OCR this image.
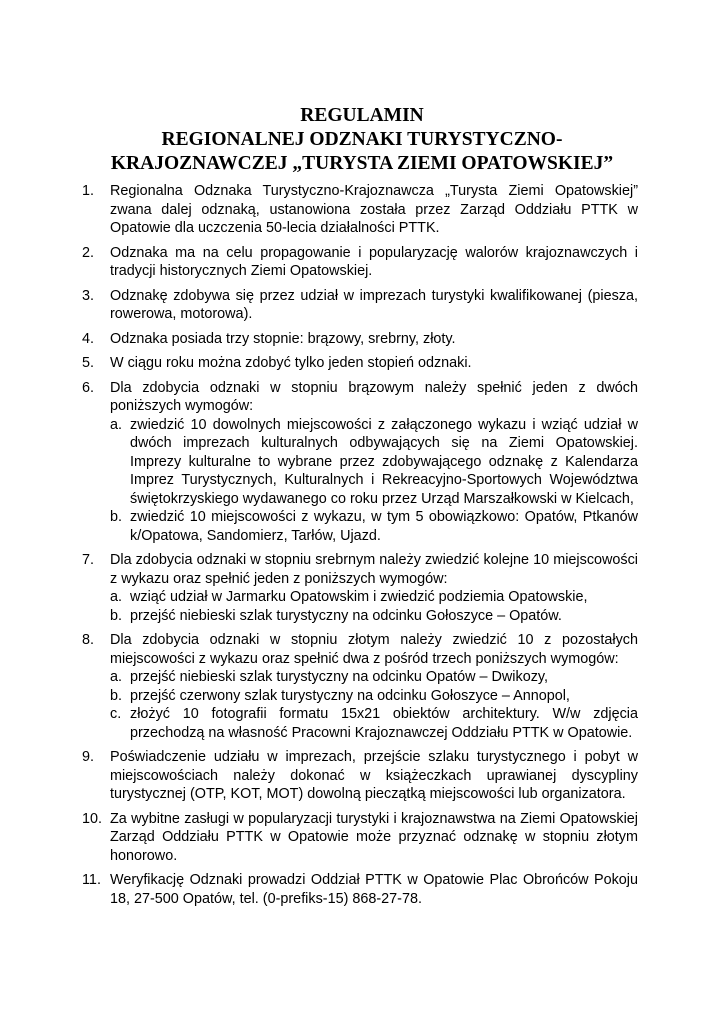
REGULAMIN
REGIONALNEJ ODZNAKI TURYSTYCZNO-
KRAJOZNAWCZEJ „TURYSTA ZIEMI OPATOWSKIEJ”
1.	Regionalna Odznaka Turystyczno-Krajoznawcza „Turysta Ziemi Opatowskiej” zwana dalej odznaką, ustanowiona została przez Zarząd Oddziału PTTK w Opatowie dla uczczenia 50-lecia działalności PTTK.
2.	Odznaka ma na celu propagowanie i popularyzację walorów krajoznawczych i tradycji historycznych Ziemi Opatowskiej.
3.	Odznakę zdobywa się przez udział w imprezach turystyki kwalifikowanej (piesza, rowerowa, motorowa).
4.	Odznaka posiada trzy stopnie: brązowy, srebrny, złoty.
5.	W ciągu roku można zdobyć tylko jeden stopień odznaki.
6.	Dla zdobycia odznaki w stopniu brązowym należy spełnić jeden z dwóch poniższych wymogów:
a. zwiedzić 10 dowolnych miejscowości z załączonego wykazu i wziąć udział w dwóch imprezach kulturalnych odbywających się na Ziemi Opatowskiej. Imprezy kulturalne to wybrane przez zdobywającego odznakę z Kalendarza Imprez Turystycznych, Kulturalnych i Rekreacyjno-Sportowych Województwa świętokrzyskiego wydawanego co roku przez Urząd Marszałkowski w Kielcach,
b. zwiedzić 10 miejscowości z wykazu, w tym 5 obowiązkowo: Opatów, Ptkanów k/Opatowa, Sandomierz, Tarłów, Ujazd.
7.	Dla zdobycia odznaki w stopniu srebrnym należy zwiedzić kolejne 10 miejscowości z wykazu oraz spełnić jeden z poniższych wymogów:
a. wziąć udział w Jarmarku Opatowskim i zwiedzić podziemia Opatowskie,
b. przejść niebieski szlak turystyczny na odcinku Gołoszyce – Opatów.
8.	Dla zdobycia odznaki w stopniu złotym należy zwiedzić 10 z pozostałych miejscowości z wykazu oraz spełnić dwa z pośród trzech poniższych wymogów:
a. przejść niebieski szlak turystyczny na odcinku Opatów – Dwikozy,
b. przejść czerwony szlak turystyczny na odcinku Gołoszyce – Annopol,
c. złożyć 10 fotografii formatu 15x21 obiektów architektury. W/w zdjęcia przechodzą na własność Pracowni Krajoznawczej Oddziału PTTK w Opatowie.
9.	Poświadczenie udziału w imprezach, przejście szlaku turystycznego i pobyt w miejscowościach należy dokonać w książeczkach uprawianej dyscypliny turystycznej (OTP, KOT, MOT) dowolną pieczątką miejscowości lub organizatora.
10. Za wybitne zasługi w popularyzacji turystyki i krajoznawstwa na Ziemi Opatowskiej Zarząd Oddziału PTTK w Opatowie może przyznać odznakę w stopniu złotym honorowo.
11. Weryfikację Odznaki prowadzi Oddział PTTK w Opatowie Plac Obrońców Pokoju 18, 27-500 Opatów, tel. (0-prefiks-15) 868-27-78.
